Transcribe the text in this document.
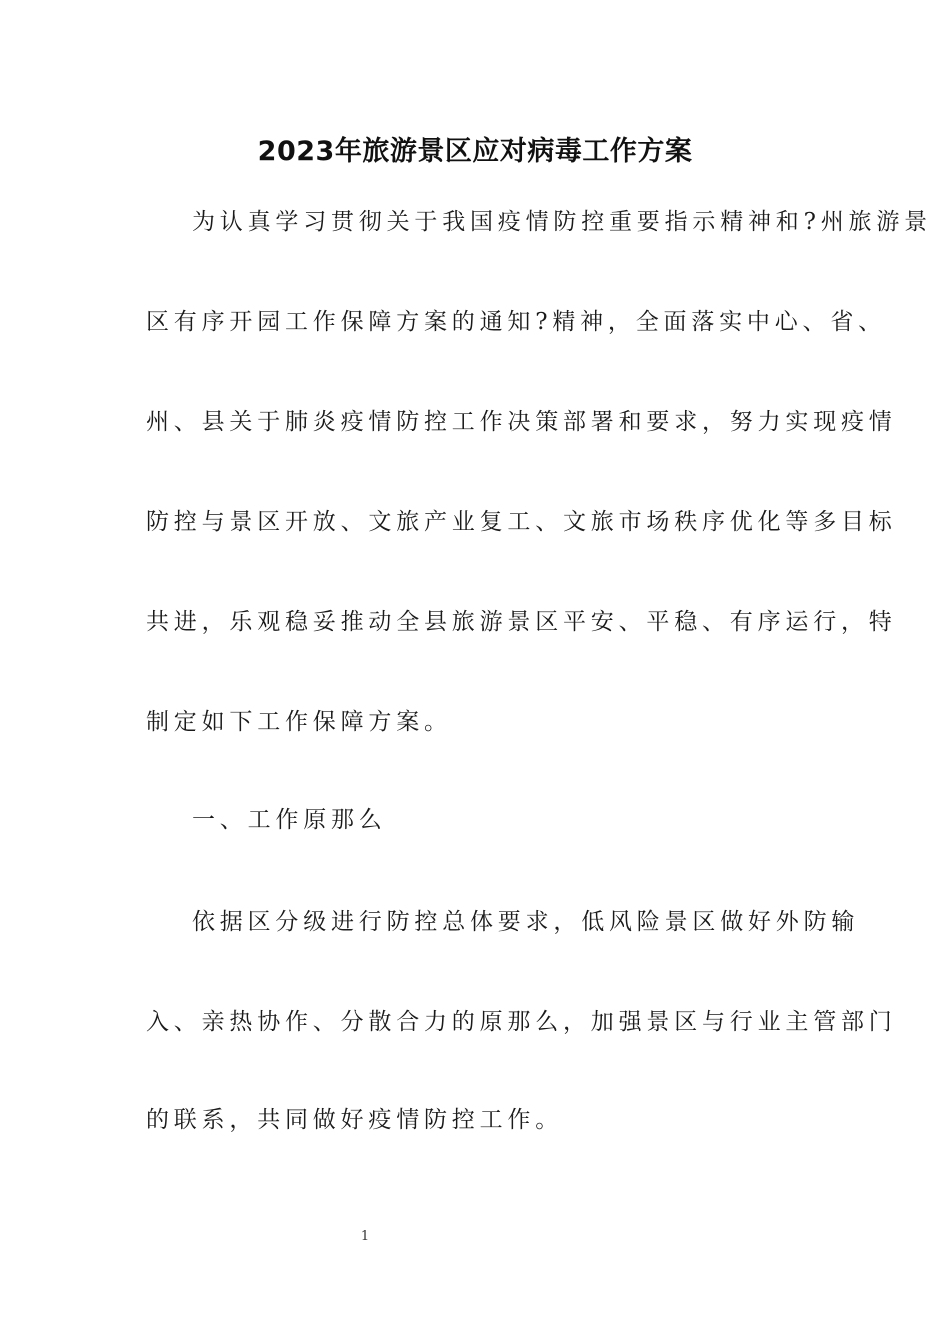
2023年旅游景区应对病毒工作方案
为认真学习贯彻关于我国疫情防控重要指示精神和?州旅游景
区有序开园工作保障方案的通知?精神，全面落实中心、省、
州、县关于肺炎疫情防控工作决策部署和要求，努力实现疫情
防控与景区开放、文旅产业复工、文旅市场秩序优化等多目标
共进，乐观稳妥推动全县旅游景区平安、平稳、有序运行，特
制定如下工作保障方案。
一、工作原那么
依据区分级进行防控总体要求，低风险景区做好外防输
入、亲热协作、分散合力的原那么，加强景区与行业主管部门
的联系，共同做好疫情防控工作。
1
